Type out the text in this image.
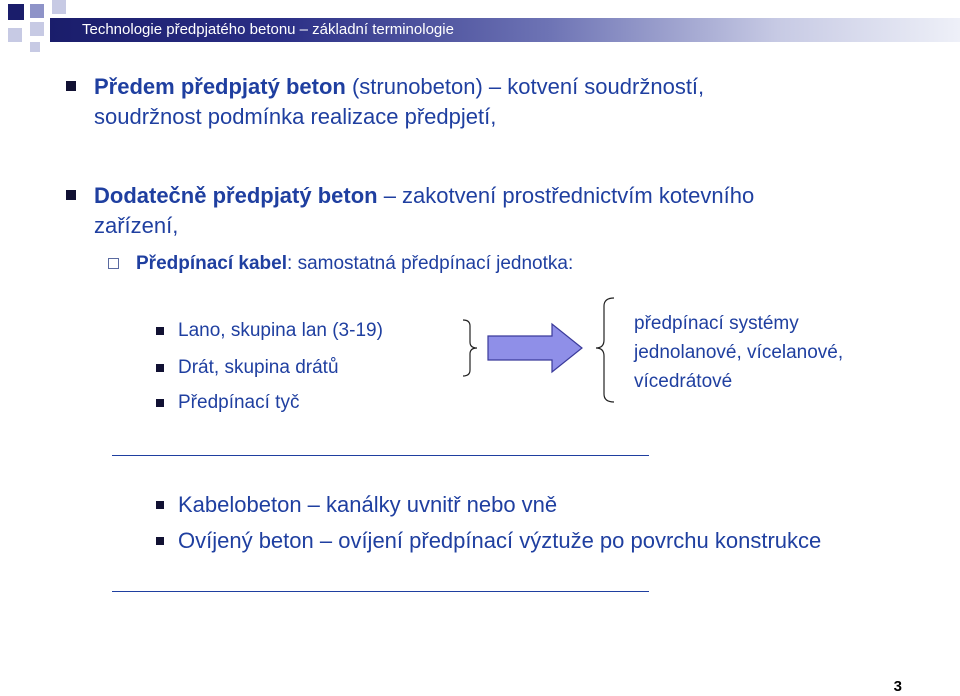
Technologie předpjatého betonu – základní terminologie
Předem předpjatý beton (strunobeton) – kotvení soudržností,
soudržnost podmínka realizace předpjetí,
Dodatečně předpjatý beton – zakotvení prostřednictvím kotevního
zařízení,
Předpínací kabel: samostatná předpínací jednotka:
Lano, skupina lan (3-19)
Drát, skupina drátů
Předpínací tyč
předpínací systémy
jednolanové, vícelanové,
vícedrátové
Kabelobeton – kanálky uvnitř nebo vně
Ovíjený beton – ovíjení předpínací výztuže po povrchu konstrukce
3
